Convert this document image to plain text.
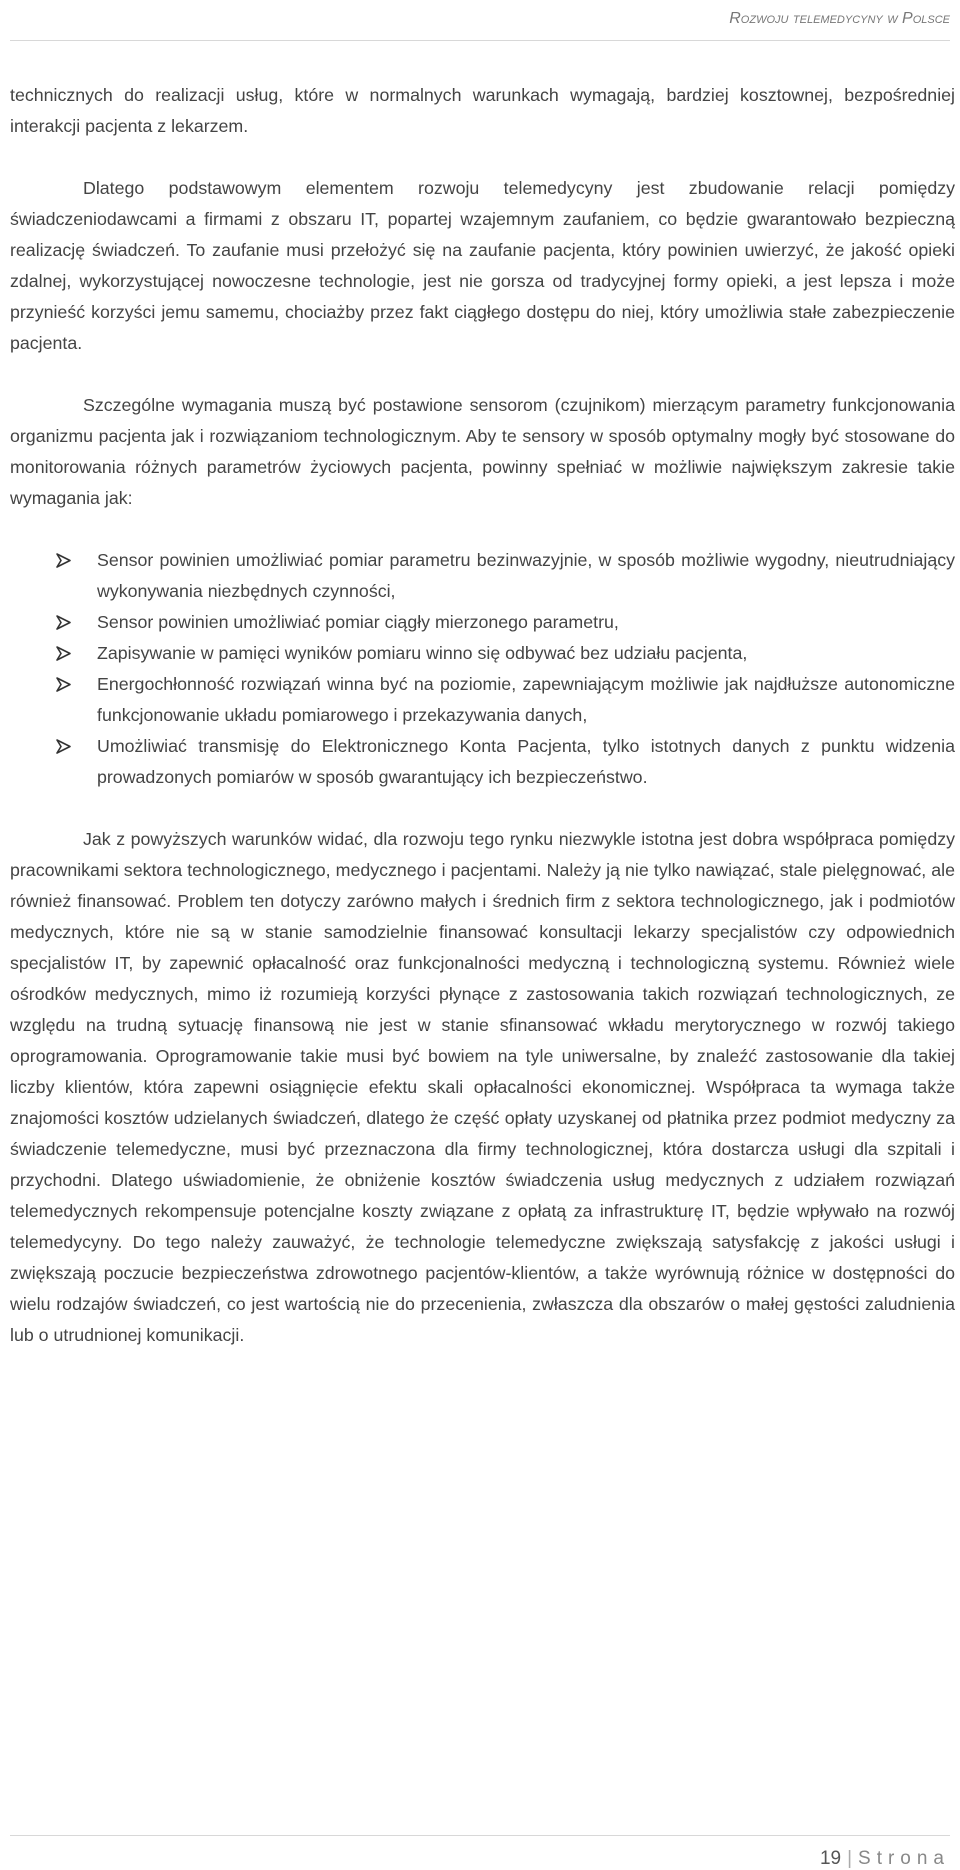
Rozwoju telemedycyny w Polsce

technicznych do realizacji usług, które w normalnych warunkach wymagają, bardziej kosztownej, bezpośredniej interakcji pacjenta z lekarzem.

Dlatego podstawowym elementem rozwoju telemedycyny jest zbudowanie relacji pomiędzy świadczeniodawcami a firmami z obszaru IT, popartej wzajemnym zaufaniem, co będzie gwarantowało bezpieczną realizację świadczeń. To zaufanie musi przełożyć się na zaufanie pacjenta, który powinien uwierzyć, że jakość opieki zdalnej, wykorzystującej nowoczesne technologie, jest nie gorsza od tradycyjnej formy opieki, a jest lepsza i może przynieść korzyści jemu samemu, chociażby przez fakt ciągłego dostępu do niej, który umożliwia stałe zabezpieczenie pacjenta.

Szczególne wymagania muszą być postawione sensorom (czujnikom) mierzącym parametry funkcjonowania organizmu pacjenta jak i rozwiązaniom technologicznym. Aby te sensory w sposób optymalny mogły być stosowane do monitorowania różnych parametrów życiowych pacjenta, powinny spełniać w możliwie największym zakresie takie wymagania jak:

Sensor powinien umożliwiać pomiar parametru bezinwazyjnie, w sposób możliwie wygodny, nieutrudniający wykonywania niezbędnych czynności,
Sensor powinien umożliwiać pomiar ciągły mierzonego parametru,
Zapisywanie w pamięci wyników pomiaru winno się odbywać bez udziału pacjenta,
Energochłonność rozwiązań winna być na poziomie, zapewniającym możliwie jak najdłuższe autonomiczne funkcjonowanie układu pomiarowego i przekazywania danych,
Umożliwiać transmisję do Elektronicznego Konta Pacjenta, tylko istotnych danych z punktu widzenia prowadzonych pomiarów w sposób gwarantujący ich bezpieczeństwo.

Jak z powyższych warunków widać, dla rozwoju tego rynku niezwykle istotna jest dobra współpraca pomiędzy pracownikami sektora technologicznego, medycznego i pacjentami. Należy ją nie tylko nawiązać, stale pielęgnować, ale również finansować. Problem ten dotyczy zarówno małych i średnich firm z sektora technologicznego, jak i podmiotów medycznych, które nie są w stanie samodzielnie finansować konsultacji lekarzy specjalistów czy odpowiednich specjalistów IT, by zapewnić opłacalność oraz funkcjonalności medyczną i technologiczną systemu. Również wiele ośrodków medycznych, mimo iż rozumieją korzyści płynące z zastosowania takich rozwiązań technologicznych, ze względu na trudną sytuację finansową nie jest w stanie sfinansować wkładu merytorycznego w rozwój takiego oprogramowania. Oprogramowanie takie musi być bowiem na tyle uniwersalne, by znaleźć zastosowanie dla takiej liczby klientów, która zapewni osiągnięcie efektu skali opłacalności ekonomicznej. Współpraca ta wymaga także znajomości kosztów udzielanych świadczeń, dlatego że część opłaty uzyskanej od płatnika przez podmiot medyczny za świadczenie telemedyczne, musi być przeznaczona dla firmy technologicznej, która dostarcza usługi dla szpitali i przychodni. Dlatego uświadomienie, że obniżenie kosztów świadczenia usług medycznych z udziałem rozwiązań telemedycznych rekompensuje potencjalne koszty związane z opłatą za infrastrukturę IT, będzie wpływało na rozwój telemedycyny. Do tego należy zauważyć, że technologie telemedyczne zwiększają satysfakcję z jakości usługi i zwiększają poczucie bezpieczeństwa zdrowotnego pacjentów-klientów, a także wyrównują różnice w dostępności do wielu rodzajów świadczeń, co jest wartością nie do przecenienia, zwłaszcza dla obszarów o małej gęstości zaludnienia lub o utrudnionej komunikacji.

19 | Strona
